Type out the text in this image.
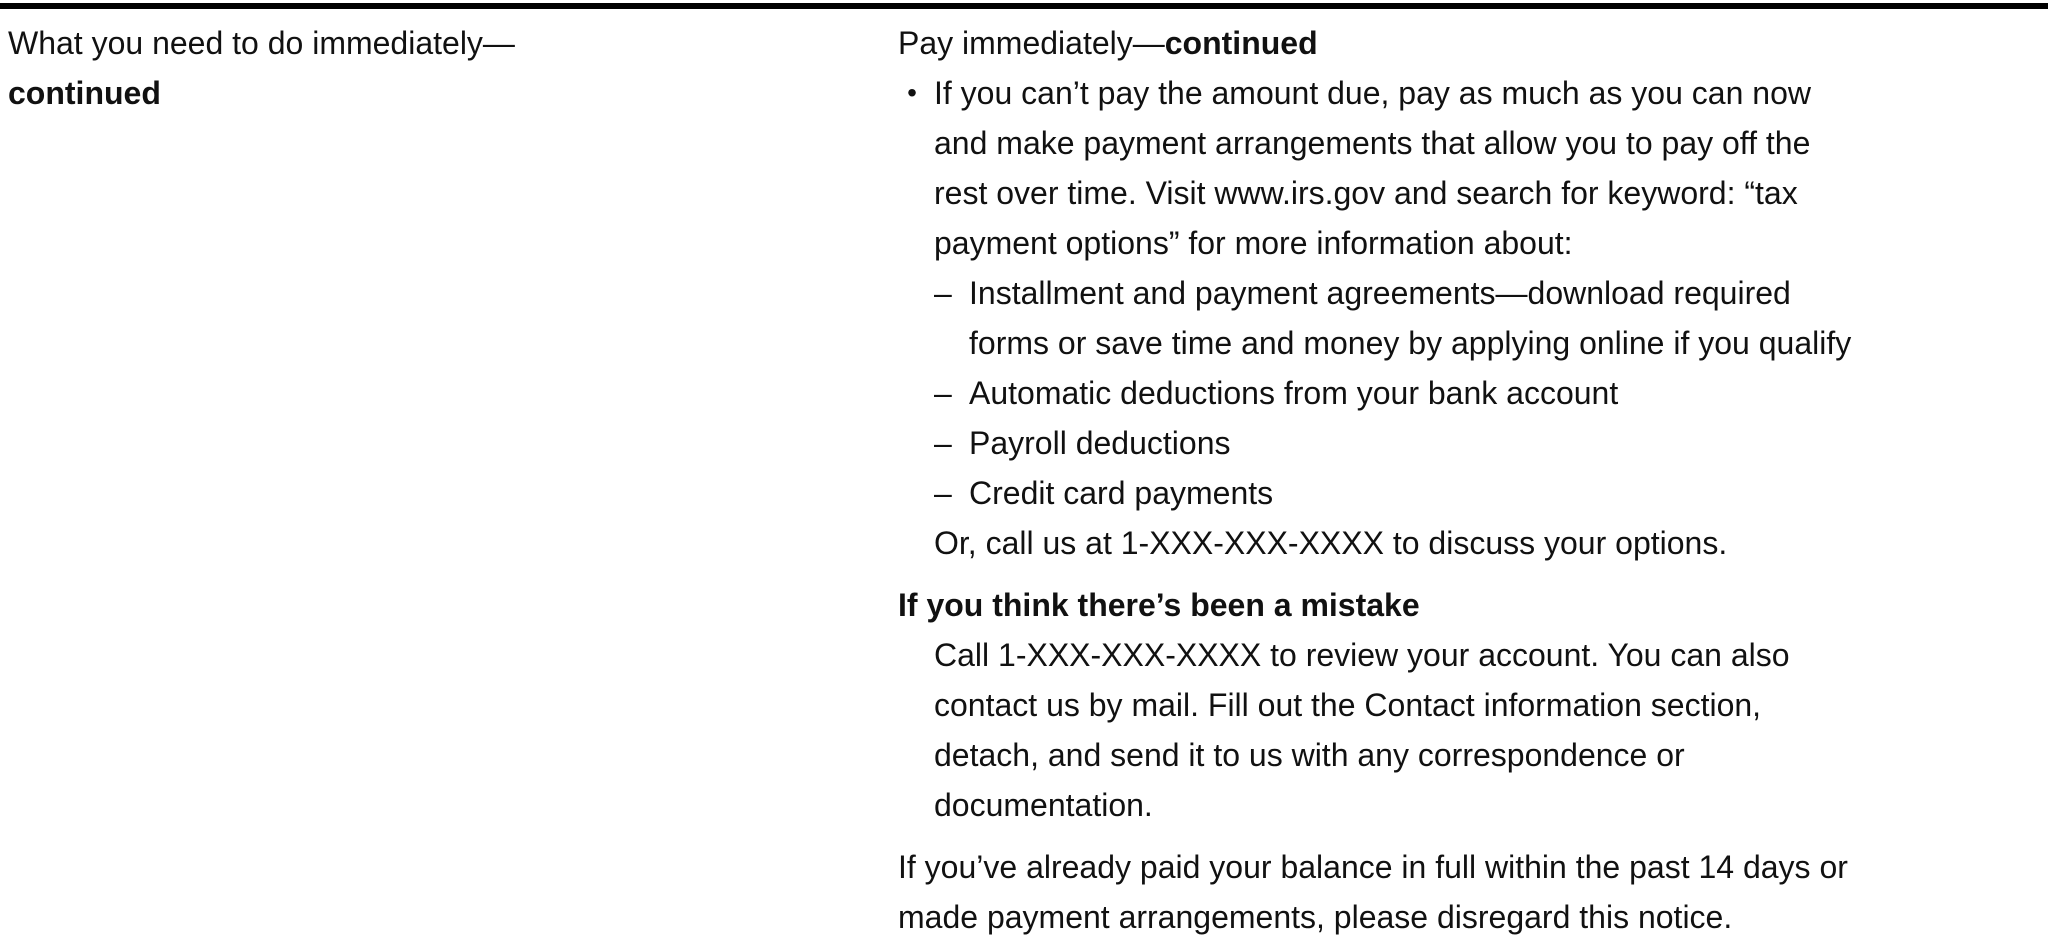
What you need to do immediately—
continued
Pay immediately—continued
• If you can’t pay the amount due, pay as much as you can now
and make payment arrangements that allow you to pay off the
rest over time. Visit www.irs.gov and search for keyword: “tax
payment options” for more information about:
– Installment and payment agreements—download required
forms or save time and money by applying online if you qualify
– Automatic deductions from your bank account
– Payroll deductions
– Credit card payments
Or, call us at 1-XXX-XXX-XXXX to discuss your options.
If you think there’s been a mistake
Call 1-XXX-XXX-XXXX to review your account. You can also
contact us by mail. Fill out the Contact information section,
detach, and send it to us with any correspondence or
documentation.
If you’ve already paid your balance in full within the past 14 days or
made payment arrangements, please disregard this notice.
